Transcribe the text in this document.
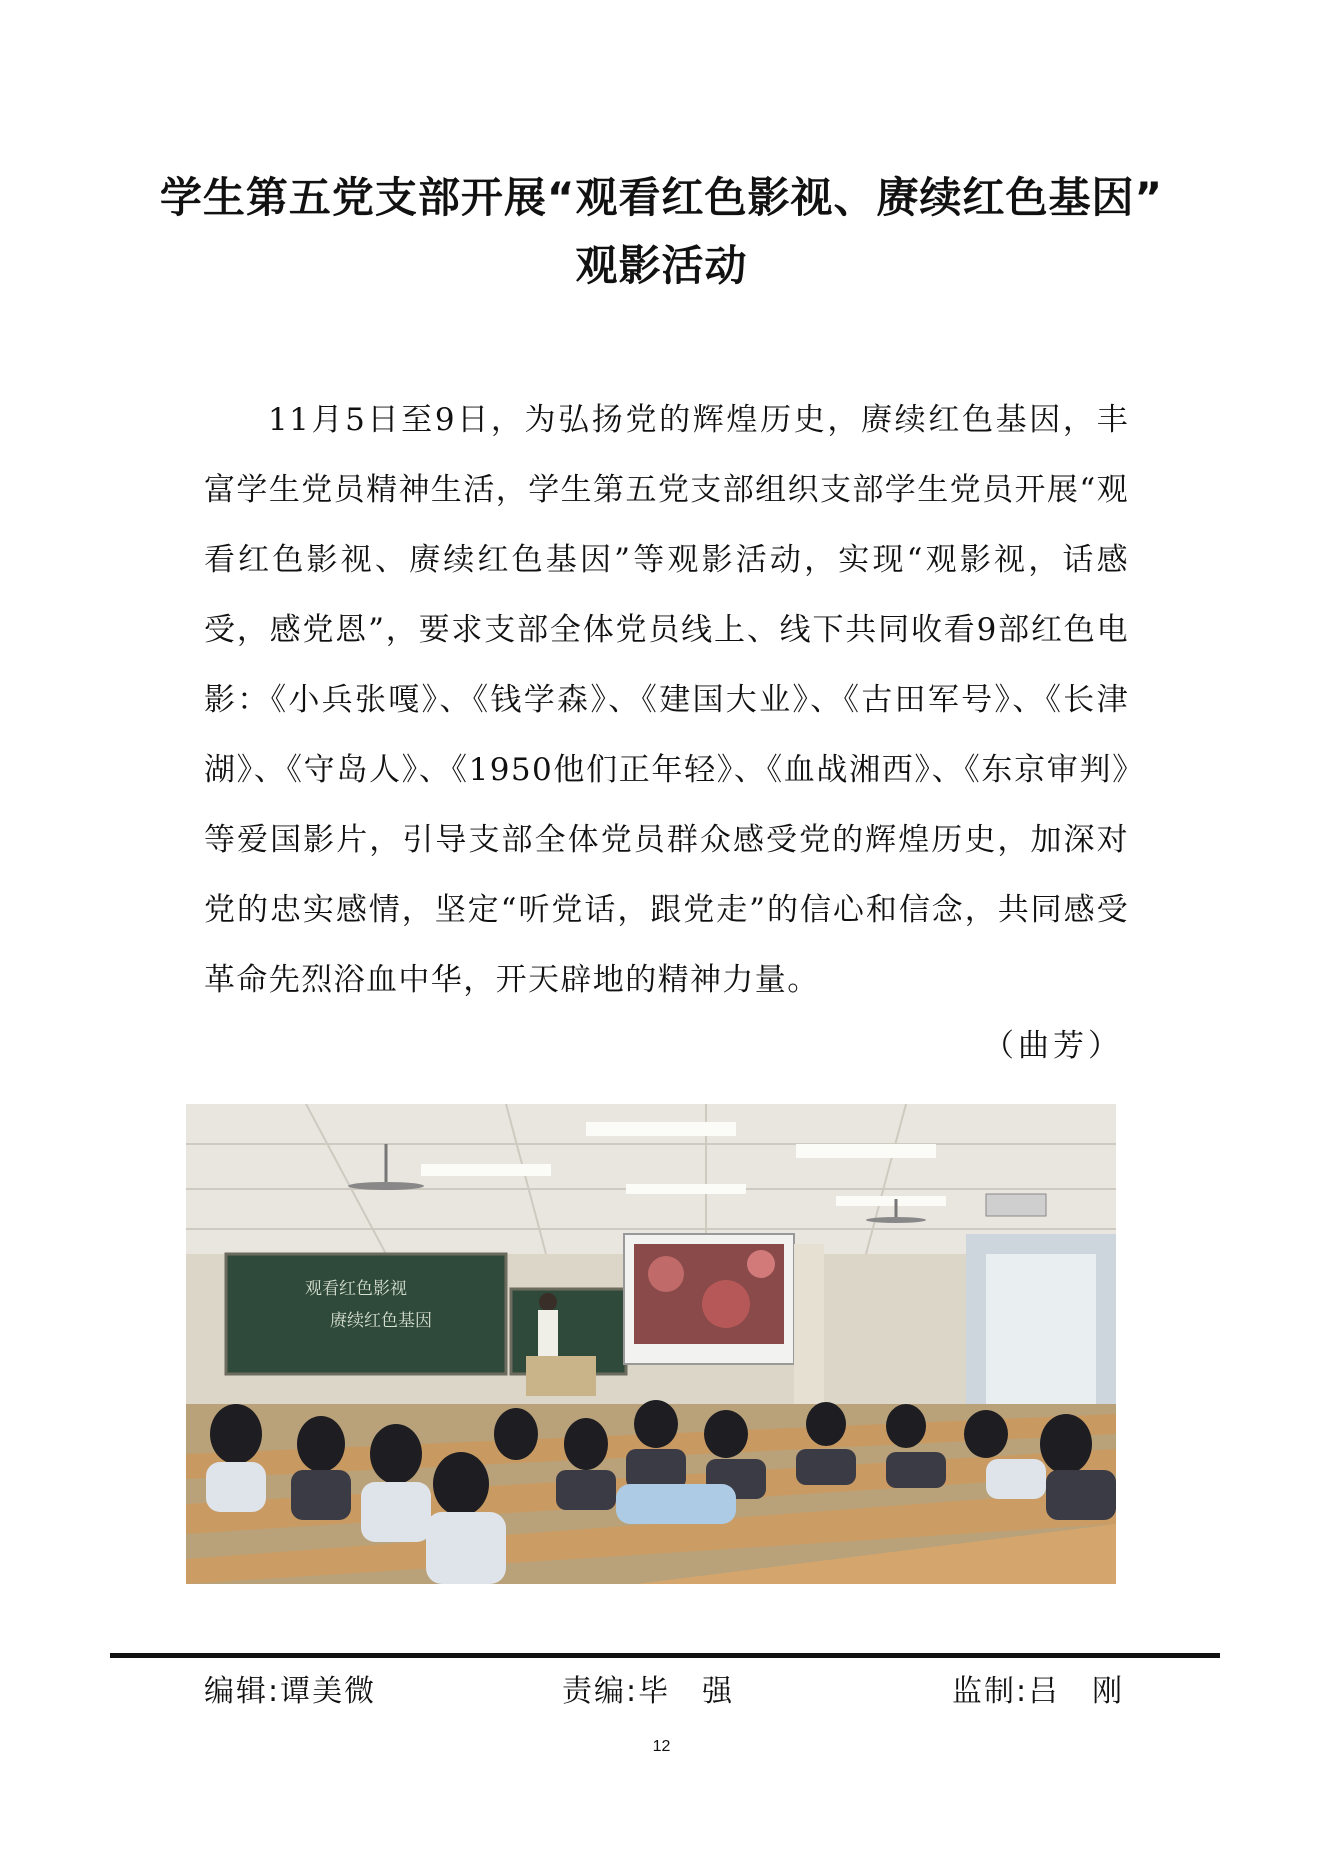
学生第五党支部开展“观看红色影视、赓续红色基因”
观影活动

11月5日至9日，为弘扬党的辉煌历史，赓续红色基因，丰富学生党员精神生活，学生第五党支部组织支部学生党员开展“观看红色影视、赓续红色基因”等观影活动，实现“观影视，话感受，感党恩”，要求支部全体党员线上、线下共同收看9部红色电影：《小兵张嘎》、《钱学森》、《建国大业》、《古田军号》、《长津湖》、《守岛人》、《1950他们正年轻》、《血战湘西》、《东京审判》等爱国影片，引导支部全体党员群众感受党的辉煌历史，加深对党的忠实感情，坚定“听党话，跟党走”的信心和信念，共同感受革命先烈浴血中华，开天辟地的精神力量。

（曲芳）
观看红色影视
赓续红色基因
编辑:谭美微	责编:毕　强	监制:吕　刚
12
